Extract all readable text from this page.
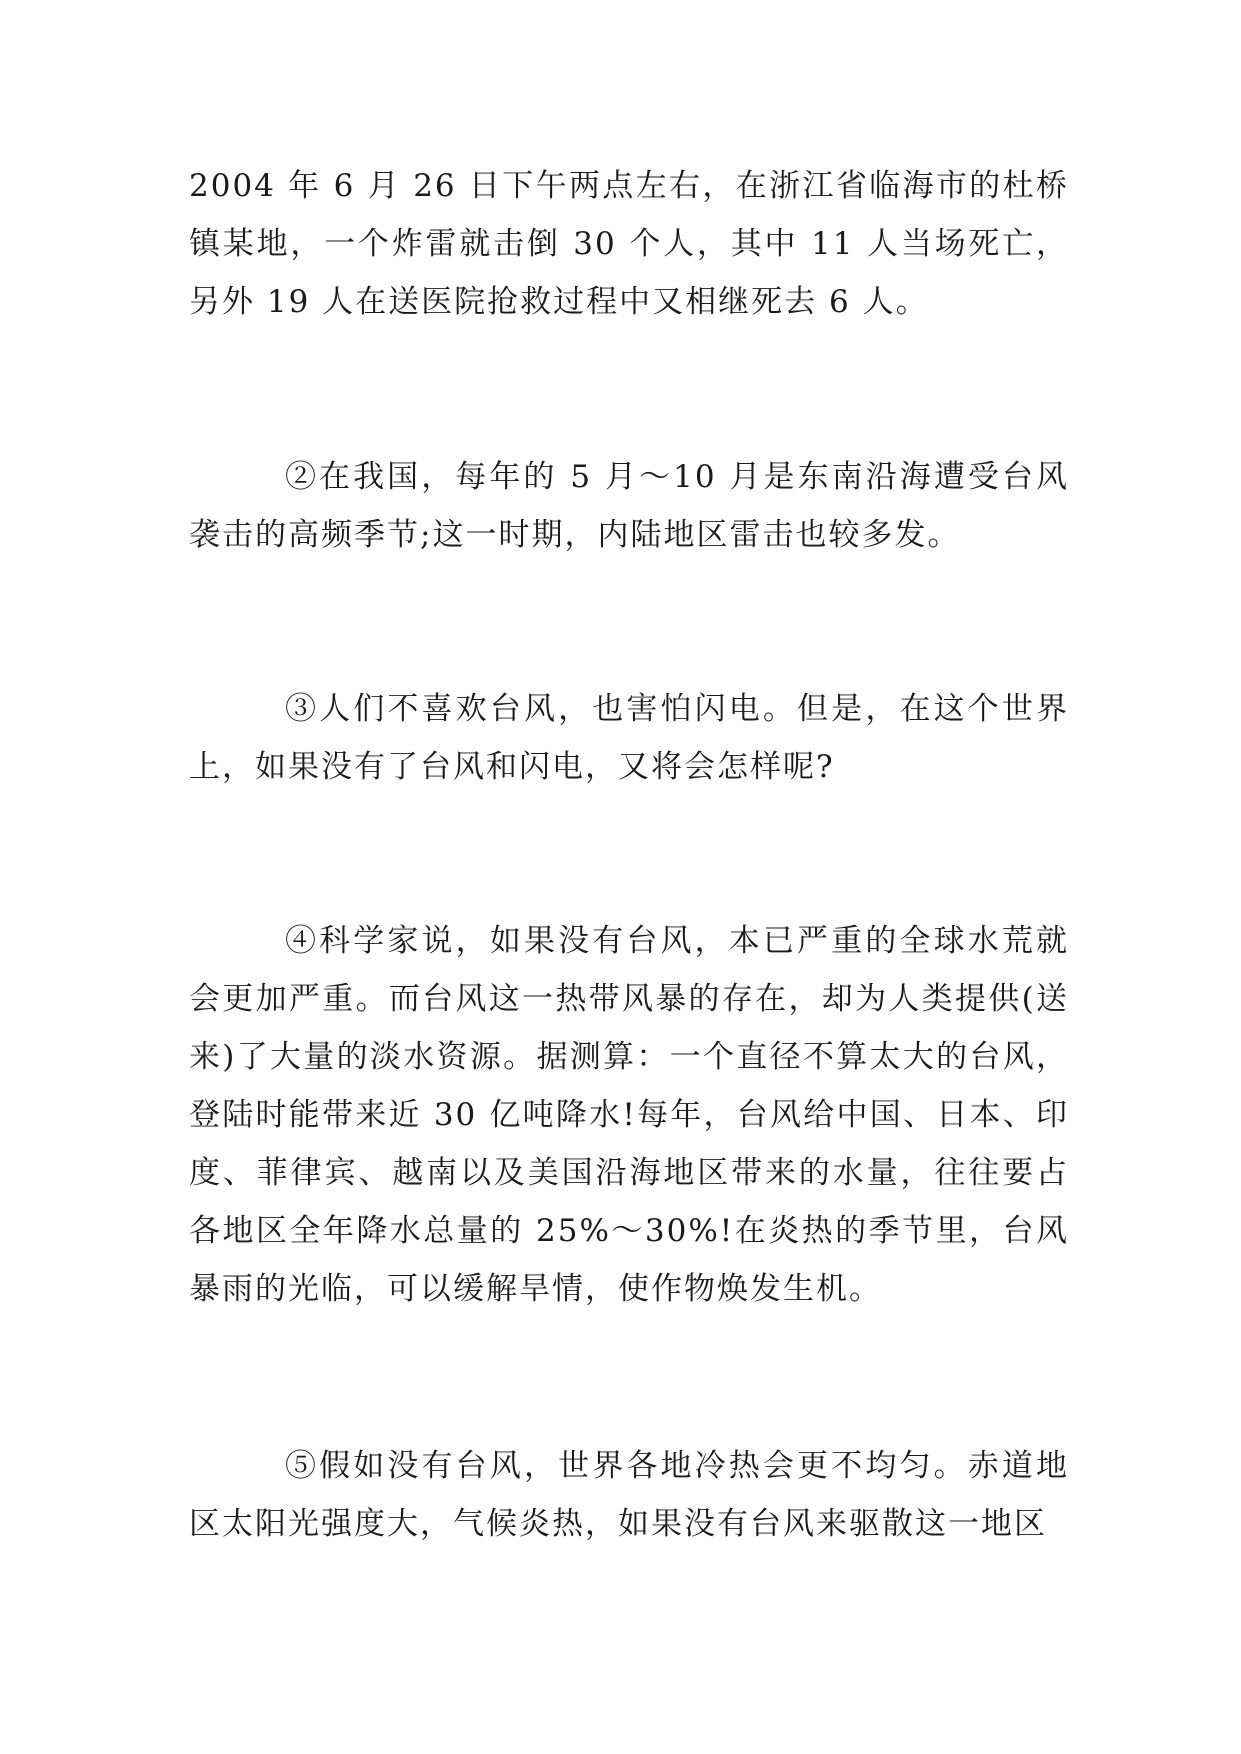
2004 年 6 月 26 日下午两点左右，在浙江省临海市的杜桥镇某地，一个炸雷就击倒 30 个人，其中 11 人当场死亡，另外 19 人在送医院抢救过程中又相继死去 6 人。

②在我国，每年的 5 月～10 月是东南沿海遭受台风袭击的高频季节;这一时期，内陆地区雷击也较多发。

③人们不喜欢台风，也害怕闪电。但是，在这个世界上，如果没有了台风和闪电，又将会怎样呢?

④科学家说，如果没有台风，本已严重的全球水荒就会更加严重。而台风这一热带风暴的存在，却为人类提供(送来)了大量的淡水资源。据测算：一个直径不算太大的台风，登陆时能带来近 30 亿吨降水!每年，台风给中国、日本、印度、菲律宾、越南以及美国沿海地区带来的水量，往往要占各地区全年降水总量的 25%～30%!在炎热的季节里，台风暴雨的光临，可以缓解旱情，使作物焕发生机。

⑤假如没有台风，世界各地冷热会更不均匀。赤道地区太阳光强度大，气候炎热，如果没有台风来驱散这一地区
